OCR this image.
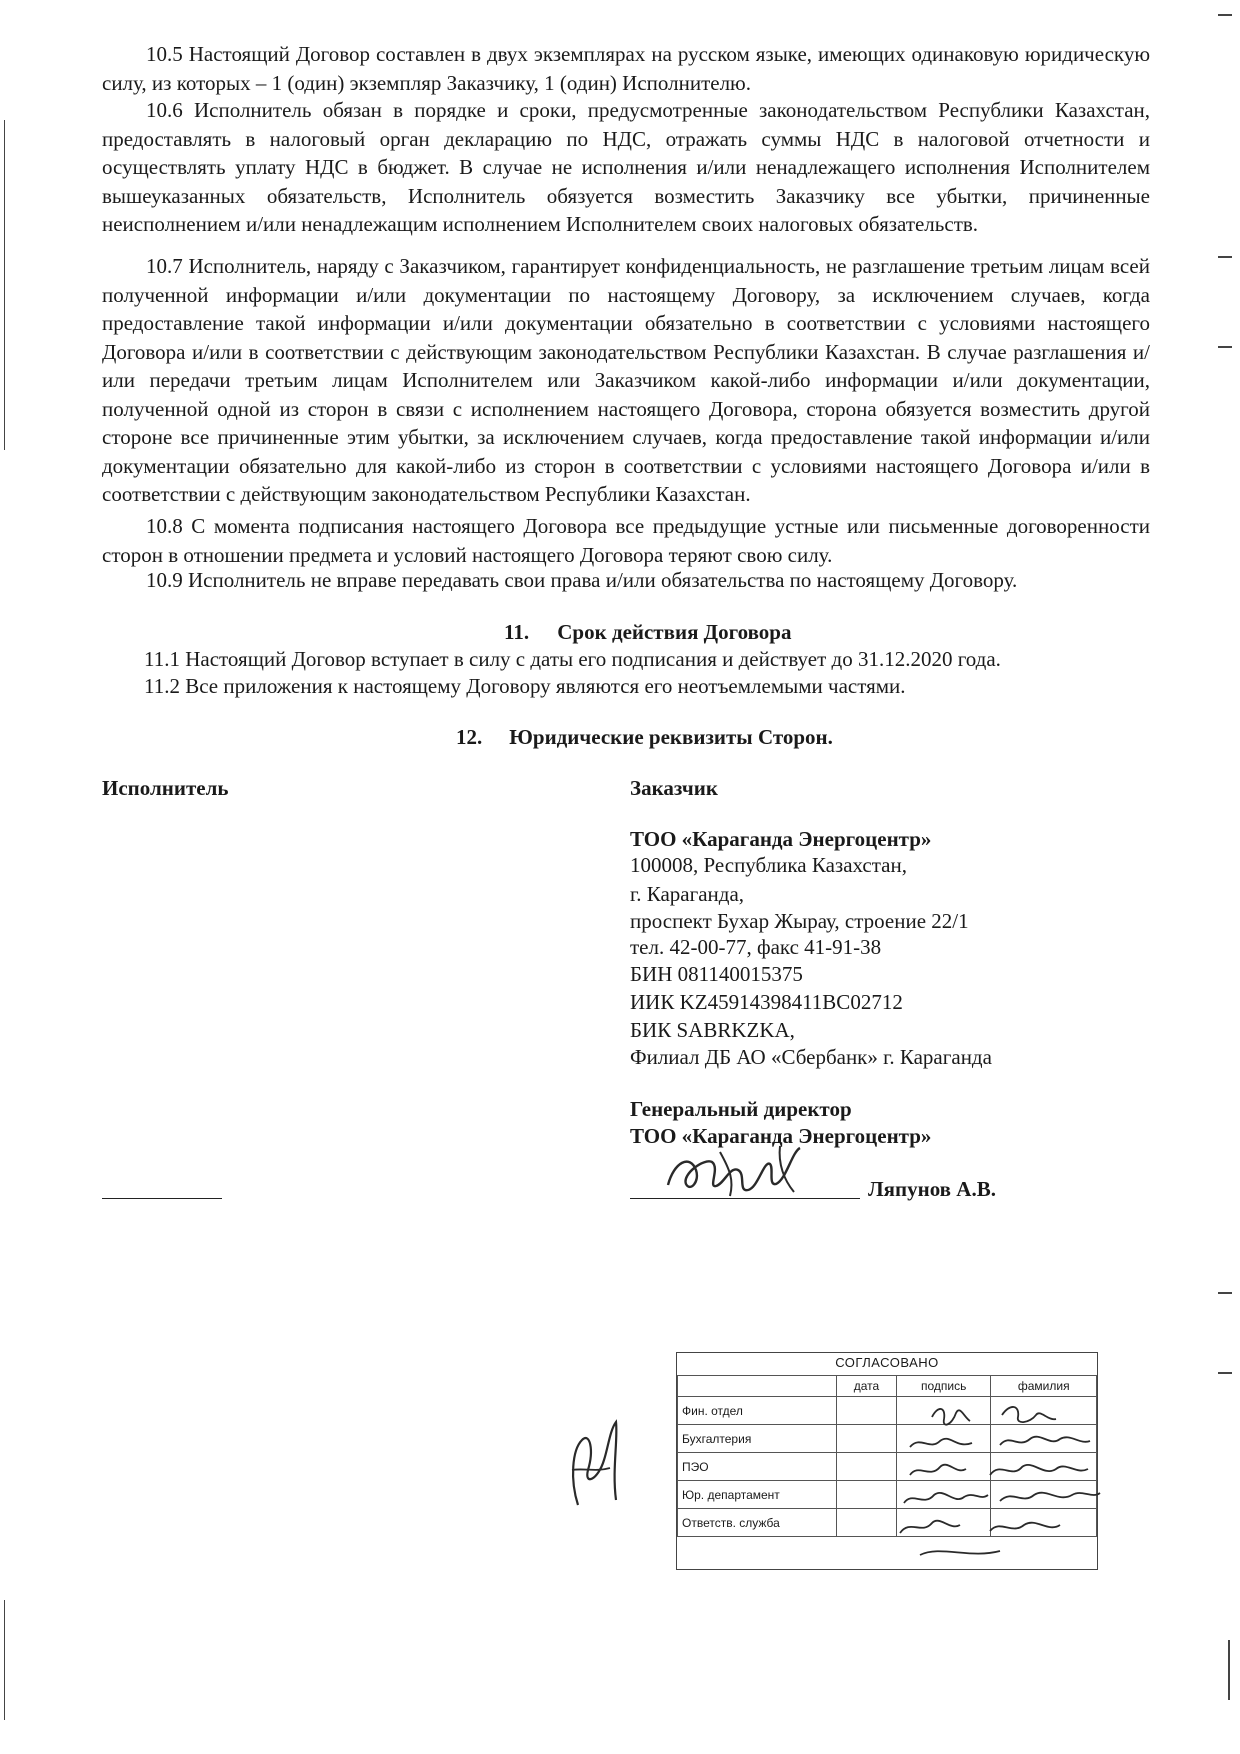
10.5 Настоящий Договор составлен в двух экземплярах на русском языке, имеющих одинаковую юридическую силу, из которых – 1 (один) экземпляр Заказчику, 1 (один) Исполнителю.

10.6 Исполнитель обязан в порядке и сроки, предусмотренные законодательством Республики Казахстан, предоставлять в налоговый орган декларацию по НДС, отражать суммы НДС в налоговой отчетности и осуществлять уплату НДС в бюджет. В случае не исполнения и/или ненадлежащего исполнения Исполнителем вышеуказанных обязательств, Исполнитель обязуется возместить Заказчику все убытки, причиненные неисполнением и/или ненадлежащим исполнением Исполнителем своих налоговых обязательств.

10.7 Исполнитель, наряду с Заказчиком, гарантирует конфиденциальность, не разглашение третьим лицам всей полученной информации и/или документации по настоящему Договору, за исключением случаев, когда предоставление такой информации и/или документации обязательно в соответствии с условиями настоящего Договора и/или в соответствии с действующим законодательством Республики Казахстан. В случае разглашения и/или передачи третьим лицам Исполнителем или Заказчиком какой-либо информации и/или документации, полученной одной из сторон в связи с исполнением настоящего Договора, сторона обязуется возместить другой стороне все причиненные этим убытки, за исключением случаев, когда предоставление такой информации и/или документации обязательно для какой-либо из сторон в соответствии с условиями настоящего Договора и/или в соответствии с действующим законодательством Республики Казахстан.

10.8 С момента подписания настоящего Договора все предыдущие устные или письменные договоренности сторон в отношении предмета и условий настоящего Договора теряют свою силу.

10.9 Исполнитель не вправе передавать свои права и/или обязательства по настоящему Договору.

11. Срок действия Договора

11.1 Настоящий Договор вступает в силу с даты его подписания и действует до 31.12.2020 года.

11.2 Все приложения к настоящему Договору являются его неотъемлемыми частями.

12. Юридические реквизиты Сторон.

Исполнитель	Заказчик

ТОО «Караганда Энергоцентр»

100008, Республика Казахстан,

г. Караганда,

проспект Бухар Жырау, строение 22/1

тел. 42-00-77, факс 41-91-38

БИН 081140015375

ИИК KZ45914398411BC02712

БИК SABRKZKA,

Филиал ДБ АО «Сбербанк» г. Караганда

Генеральный директор

ТОО «Караганда Энергоцентр»

Ляпунов А.В.

СОГЛАСОВАНО
	дата	подпись	фамилия
Фин. отдел			
Бухгалтерия			
ПЭО			
Юр. департамент			
Ответств. служба			
